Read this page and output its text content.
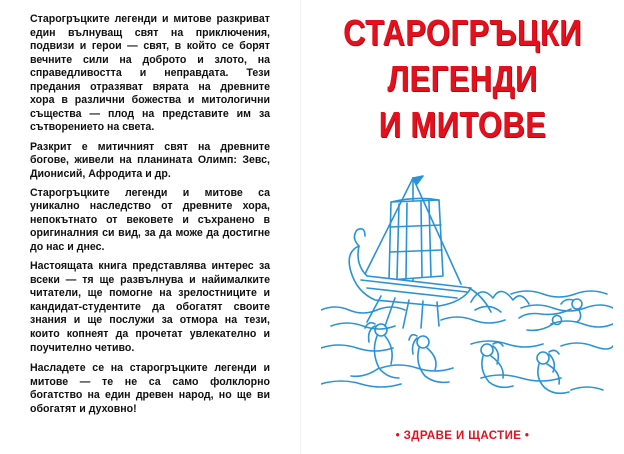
Старогръцките легенди и митове разкриват един вълнуващ свят на приключения, подвизи и герои — свят, в който се борят вечните сили на доброто и злото, на справедливостта и неправдата. Тези предания отразяват вярата на древните хора в различни божества и митологични същества — плод на представите им за сътворението на света.

Разкрит е митичният свят на древните богове, живели на планината Олимп: Зевс, Дионисий, Афродита и др.

Старогръцките легенди и митове са уникално наследство от древните хора, непокътнато от вековете и съхранено в оригиналния си вид, за да може да достигне до нас и днес.

Настоящата книга представлява интерес за всеки — тя ще развълнува и найималките читатели, ще помогне на зрелостниците и кандидат-студентите да обогатят своите знания и ще послужи за отмора на тези, които копнеят да прочетат увлекателно и поучително четиво.

Насладете се на старогръцките легенди и митове — те не са само фолклорно богатство на един древен народ, но ще ви обогатят и духовно!

СТАРОГРЪЦКИ
ЛЕГЕНДИ
И МИТОВЕ
• ЗДРАВЕ И ЩАСТИЕ •
